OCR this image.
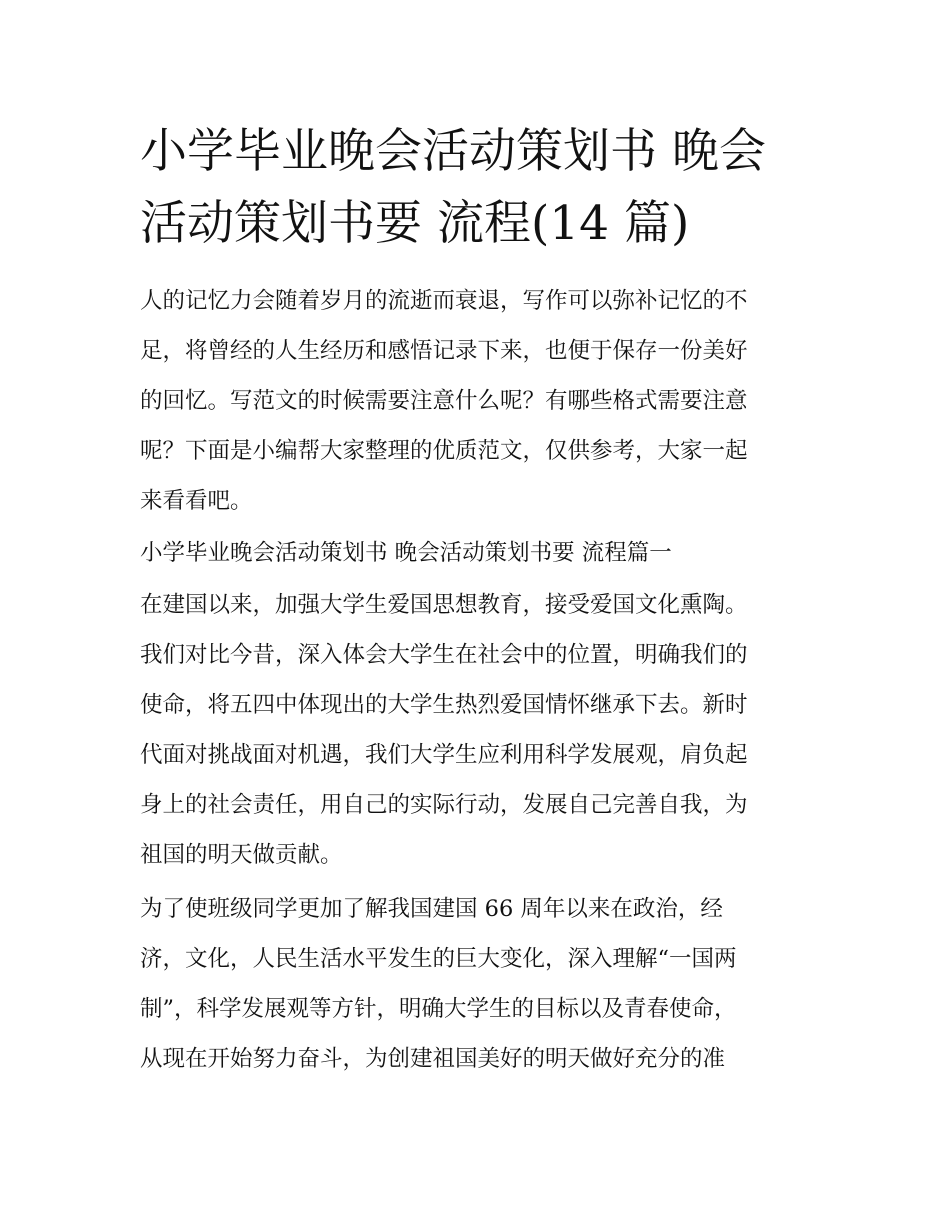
小学毕业晚会活动策划书 晚会
活动策划书要 流程(14 篇)

人的记忆力会随着岁月的流逝而衰退，写作可以弥补记忆的不

足，将曾经的人生经历和感悟记录下来，也便于保存一份美好

的回忆。写范文的时候需要注意什么呢？有哪些格式需要注意

呢？下面是小编帮大家整理的优质范文，仅供参考，大家一起

来看看吧。

小学毕业晚会活动策划书 晚会活动策划书要 流程篇一

在建国以来，加强大学生爱国思想教育，接受爱国文化熏陶。

我们对比今昔，深入体会大学生在社会中的位置，明确我们的

使命，将五四中体现出的大学生热烈爱国情怀继承下去。新时

代面对挑战面对机遇，我们大学生应利用科学发展观，肩负起

身上的社会责任，用自己的实际行动，发展自己完善自我，为

祖国的明天做贡献。

为了使班级同学更加了解我国建国 66 周年以来在政治，经

济，文化，人民生活水平发生的巨大变化，深入理解“一国两

制”，科学发展观等方针，明确大学生的目标以及青春使命，

从现在开始努力奋斗，为创建祖国美好的明天做好充分的准
